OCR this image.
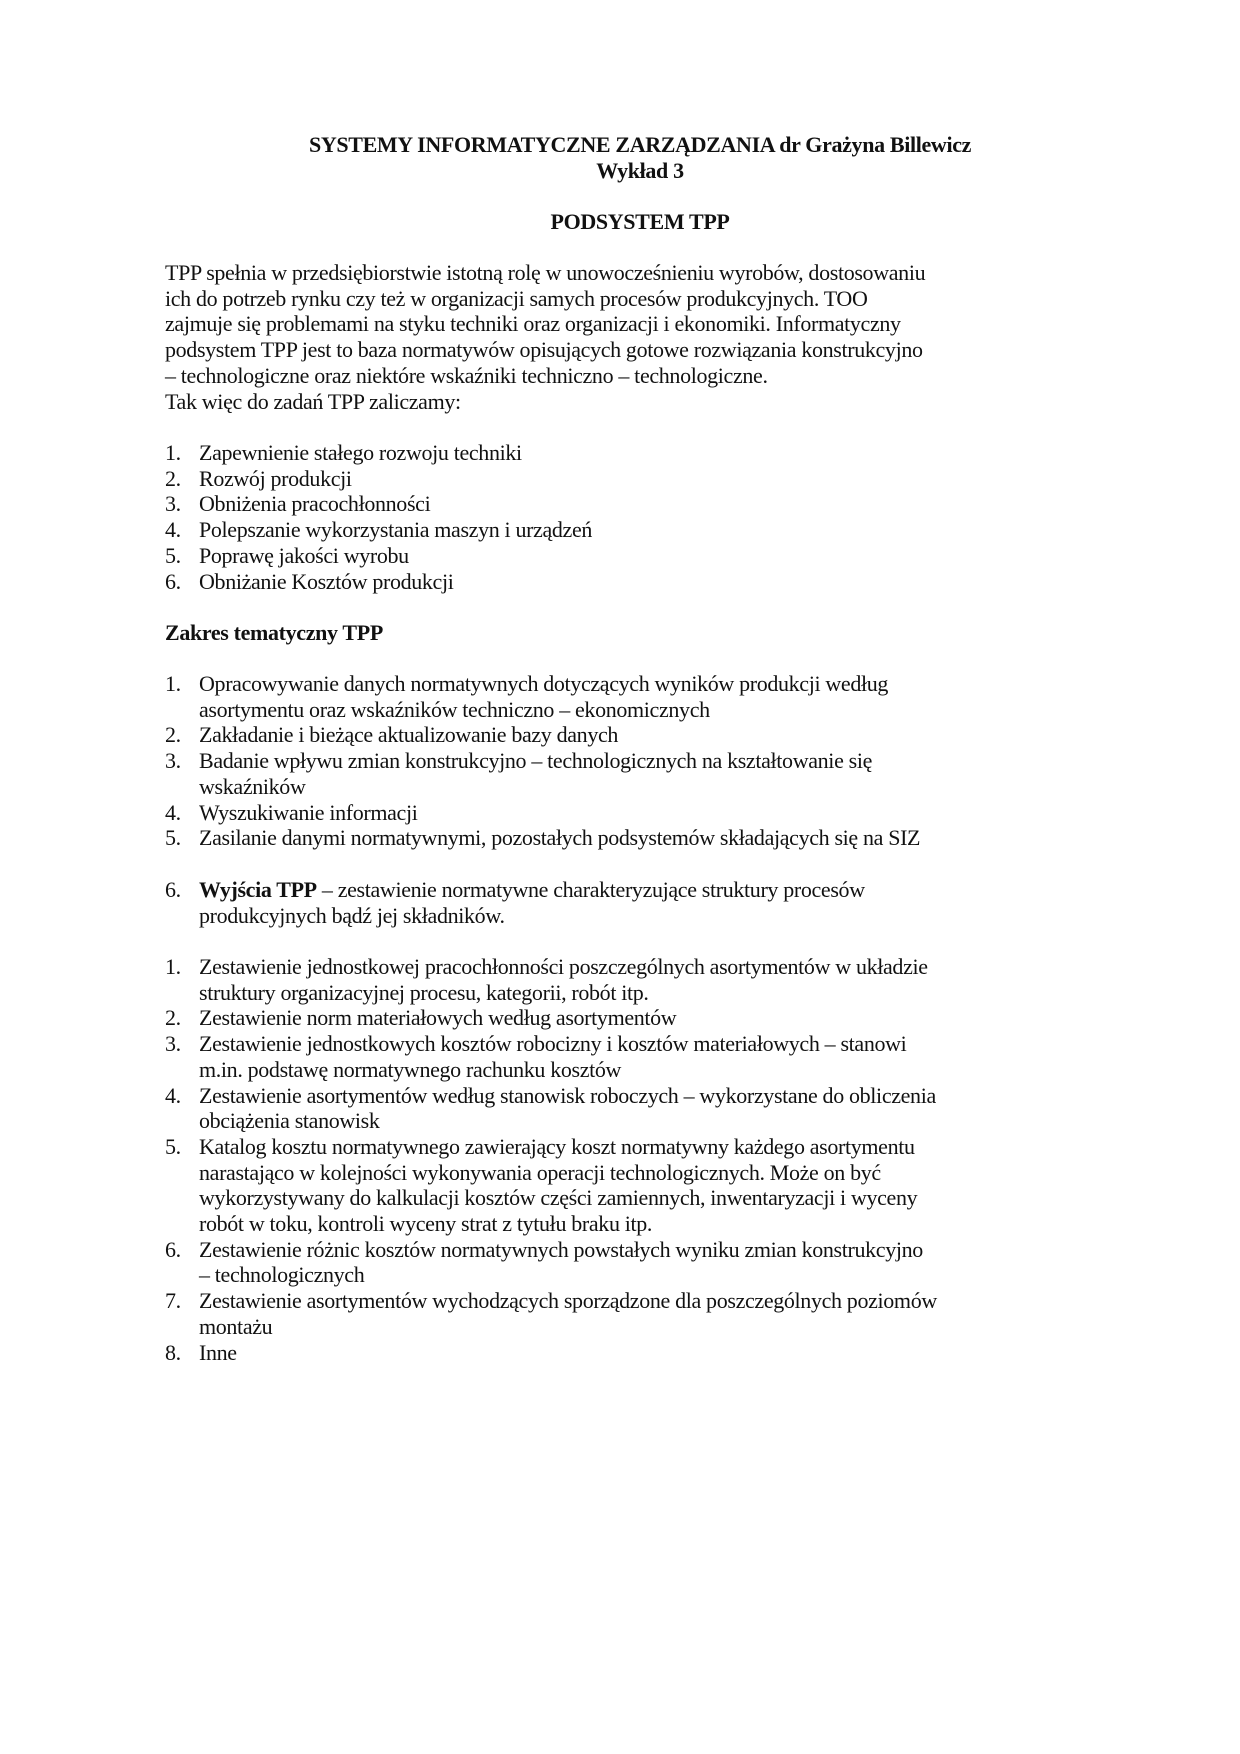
SYSTEMY INFORMATYCZNE ZARZĄDZANIA dr Grażyna Billewicz
Wykład 3
PODSYSTEM TPP
TPP spełnia w przedsiębiorstwie istotną rolę w unowocześnieniu wyrobów, dostosowaniu
ich do potrzeb rynku czy też w organizacji samych procesów produkcyjnych. TOO
zajmuje się problemami na styku techniki oraz organizacji i ekonomiki. Informatyczny
podsystem TPP jest to baza normatywów opisujących gotowe rozwiązania konstrukcyjno
– technologiczne oraz niektóre wskaźniki techniczno – technologiczne.
Tak więc do zadań TPP zaliczamy:
1. Zapewnienie stałego rozwoju techniki
2. Rozwój produkcji
3. Obniżenia pracochłonności
4. Polepszanie wykorzystania maszyn i urządzeń
5. Poprawę jakości wyrobu
6. Obniżanie Kosztów produkcji
Zakres tematyczny TPP
1. Opracowywanie danych normatywnych dotyczących wyników produkcji według
asortymentu oraz wskaźników techniczno – ekonomicznych
2. Zakładanie i bieżące aktualizowanie bazy danych
3. Badanie wpływu zmian konstrukcyjno – technologicznych na kształtowanie się
wskaźników
4. Wyszukiwanie informacji
5. Zasilanie danymi normatywnymi, pozostałych podsystemów składających się na SIZ
6. Wyjścia TPP – zestawienie normatywne charakteryzujące struktury procesów
produkcyjnych bądź jej składników.
1. Zestawienie jednostkowej pracochłonności poszczególnych asortymentów w układzie
struktury organizacyjnej procesu, kategorii, robót itp.
2. Zestawienie norm materiałowych według asortymentów
3. Zestawienie jednostkowych kosztów robocizny i kosztów materiałowych – stanowi
m.in. podstawę normatywnego rachunku kosztów
4. Zestawienie asortymentów według stanowisk roboczych – wykorzystane do obliczenia
obciążenia stanowisk
5. Katalog kosztu normatywnego zawierający koszt normatywny każdego asortymentu
narastająco w kolejności wykonywania operacji technologicznych. Może on być
wykorzystywany do kalkulacji kosztów części zamiennych, inwentaryzacji i wyceny
robót w toku, kontroli wyceny strat z tytułu braku itp.
6. Zestawienie różnic kosztów normatywnych powstałych wyniku zmian konstrukcyjno
– technologicznych
7. Zestawienie asortymentów wychodzących sporządzone dla poszczególnych poziomów
montażu
8. Inne
